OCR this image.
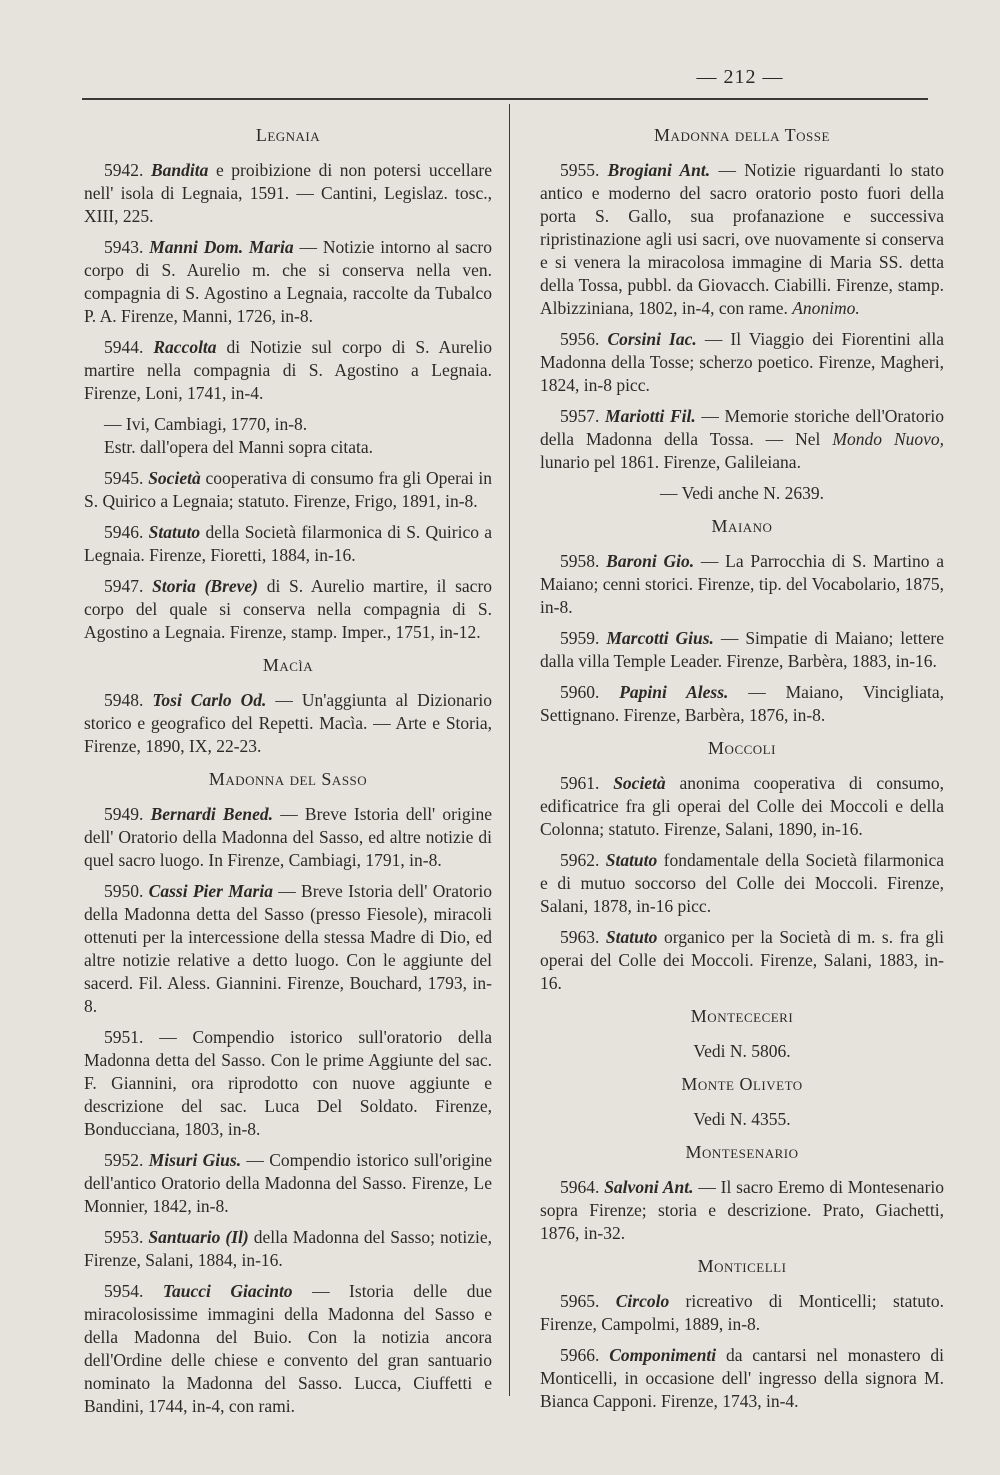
— 212 —
Legnaia

5942. Bandita e proibizione di non potersi uccellare nell' isola di Legnaia, 1591. — Cantini, Legislaz. tosc., XIII, 225.

5943. Manni Dom. Maria — Notizie intorno al sacro corpo di S. Aurelio m. che si conserva nella ven. compagnia di S. Agostino a Legnaia, raccolte da Tubalco P. A. Firenze, Manni, 1726, in-8.

5944. Raccolta di Notizie sul corpo di S. Aurelio martire nella compagnia di S. Agostino a Legnaia. Firenze, Loni, 1741, in-4.

— Ivi, Cambiagi, 1770, in-8.

Estr. dall'opera del Manni sopra citata.

5945. Società cooperativa di consumo fra gli Operai in S. Quirico a Legnaia; statuto. Firenze, Frigo, 1891, in-8.

5946. Statuto della Società filarmonica di S. Quirico a Legnaia. Firenze, Fioretti, 1884, in-16.

5947. Storia (Breve) di S. Aurelio martire, il sacro corpo del quale si conserva nella compagnia di S. Agostino a Legnaia. Firenze, stamp. Imper., 1751, in-12.

Macìa

5948. Tosi Carlo Od. — Un'aggiunta al Dizionario storico e geografico del Repetti. Macìa. — Arte e Storia, Firenze, 1890, IX, 22-23.

Madonna del Sasso

5949. Bernardi Bened. — Breve Istoria dell' origine dell' Oratorio della Madonna del Sasso, ed altre notizie di quel sacro luogo. In Firenze, Cambiagi, 1791, in-8.

5950. Cassi Pier Maria — Breve Istoria dell' Oratorio della Madonna detta del Sasso (presso Fiesole), miracoli ottenuti per la intercessione della stessa Madre di Dio, ed altre notizie relative a detto luogo. Con le aggiunte del sacerd. Fil. Aless. Giannini. Firenze, Bouchard, 1793, in-8.

5951. — Compendio istorico sull'oratorio della Madonna detta del Sasso. Con le prime Aggiunte del sac. F. Giannini, ora riprodotto con nuove aggiunte e descrizione del sac. Luca Del Soldato. Firenze, Bonducciana, 1803, in-8.

5952. Misuri Gius. — Compendio istorico sull'origine dell'antico Oratorio della Madonna del Sasso. Firenze, Le Monnier, 1842, in-8.

5953. Santuario (Il) della Madonna del Sasso; notizie, Firenze, Salani, 1884, in-16.

5954. Taucci Giacinto — Istoria delle due miracolosissime immagini della Madonna del Sasso e della Madonna del Buio. Con la notizia ancora dell'Ordine delle chiese e convento del gran santuario nominato la Madonna del Sasso. Lucca, Ciuffetti e Bandini, 1744, in-4, con rami.

Madonna della Tosse

5955. Brogiani Ant. — Notizie riguardanti lo stato antico e moderno del sacro oratorio posto fuori della porta S. Gallo, sua profanazione e successiva ripristinazione agli usi sacri, ove nuovamente si conserva e si venera la miracolosa immagine di Maria SS. detta della Tossa, pubbl. da Giovacch. Ciabilli. Firenze, stamp. Albizziniana, 1802, in-4, con rame. Anonimo.

5956. Corsini Iac. — Il Viaggio dei Fiorentini alla Madonna della Tosse; scherzo poetico. Firenze, Magheri, 1824, in-8 picc.

5957. Mariotti Fil. — Memorie storiche dell'Oratorio della Madonna della Tossa. — Nel Mondo Nuovo, lunario pel 1861. Firenze, Galileiana.

— Vedi anche N. 2639.
Maiano

5958. Baroni Gio. — La Parrocchia di S. Martino a Maiano; cenni storici. Firenze, tip. del Vocabolario, 1875, in-8.

5959. Marcotti Gius. — Simpatie di Maiano; lettere dalla villa Temple Leader. Firenze, Barbèra, 1883, in-16.

5960. Papini Aless. — Maiano, Vincigliata, Settignano. Firenze, Barbèra, 1876, in-8.

Moccoli

5961. Società anonima cooperativa di consumo, edificatrice fra gli operai del Colle dei Moccoli e della Colonna; statuto. Firenze, Salani, 1890, in-16.

5962. Statuto fondamentale della Società filarmonica e di mutuo soccorso del Colle dei Moccoli. Firenze, Salani, 1878, in-16 picc.

5963. Statuto organico per la Società di m. s. fra gli operai del Colle dei Moccoli. Firenze, Salani, 1883, in-16.

Montececeri
Vedi N. 5806.
Monte Oliveto
Vedi N. 4355.
Montesenario

5964. Salvoni Ant. — Il sacro Eremo di Montesenario sopra Firenze; storia e descrizione. Prato, Giachetti, 1876, in-32.

Monticelli

5965. Circolo ricreativo di Monticelli; statuto. Firenze, Campolmi, 1889, in-8.

5966. Componimenti da cantarsi nel monastero di Monticelli, in occasione dell' ingresso della signora M. Bianca Capponi. Firenze, 1743, in-4.
